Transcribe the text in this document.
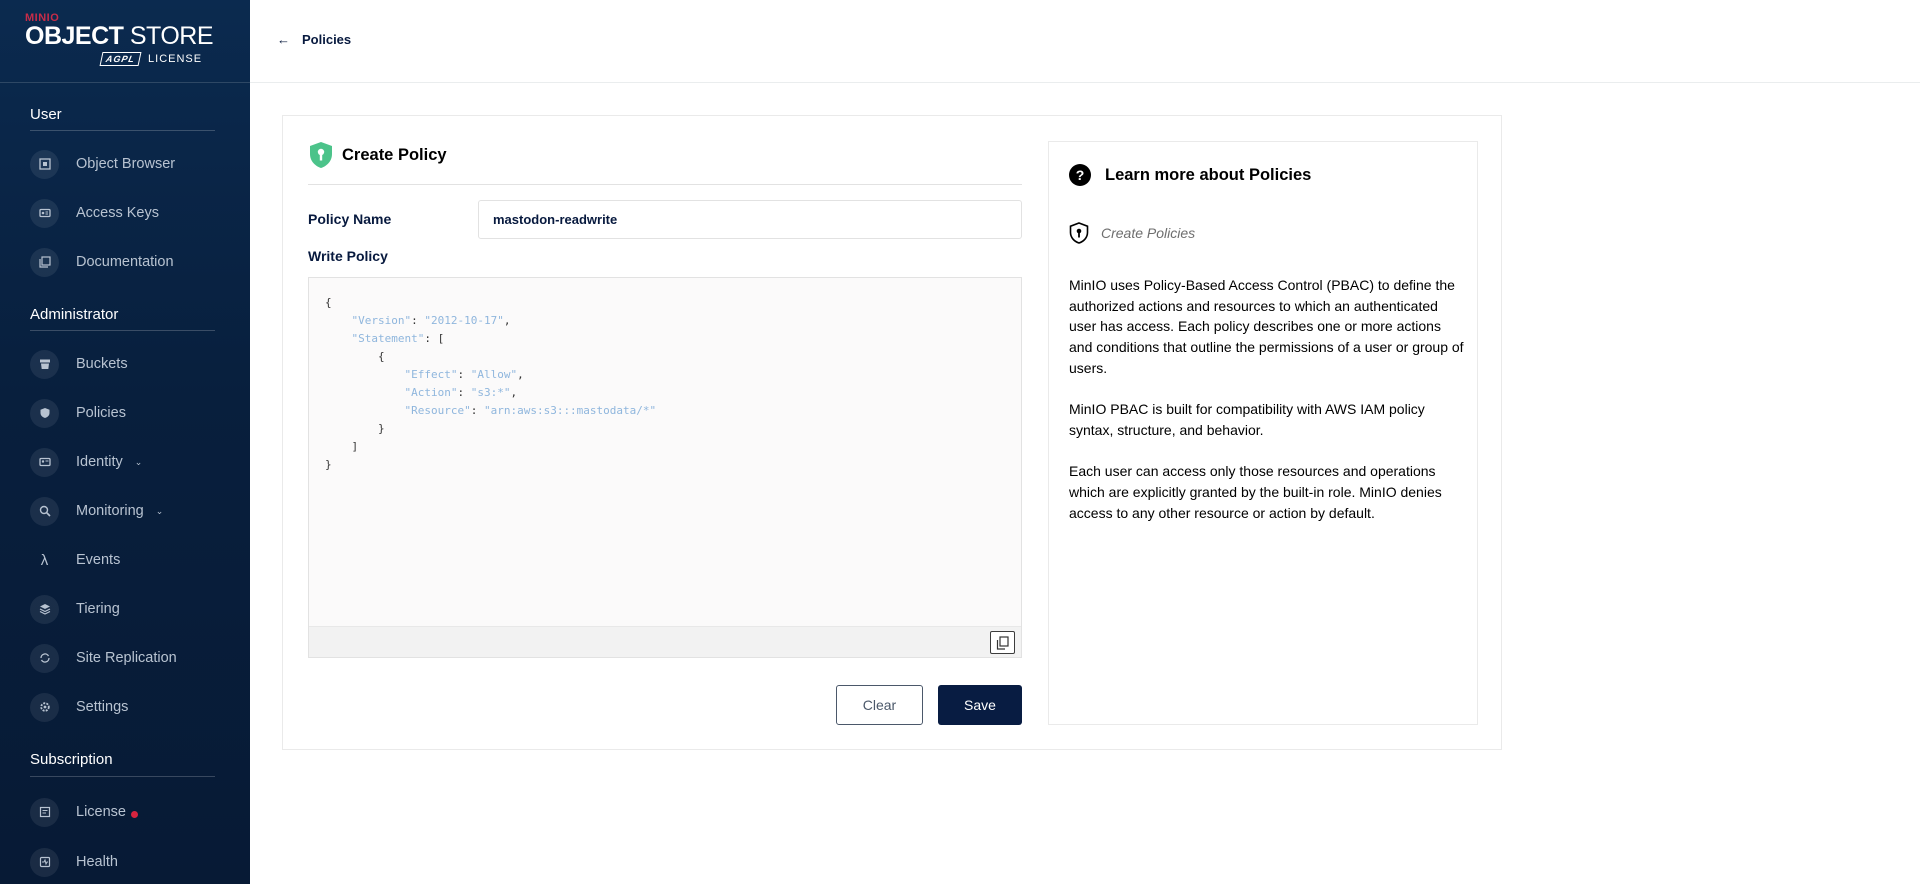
MINIO
OBJECT STORE
AGPL	LICENSE
User
Object Browser
Access Keys
Documentation
Administrator
Buckets
Policies
Identity ⌄
Monitoring ⌄
λ Events
Tiering
Site Replication
Settings
Subscription
License
Health
← Policies
Create Policy
Policy Name
mastodon-readwrite
Write Policy
{
"Version": "2012-10-17",
"Statement": [
{
"Effect": "Allow",
"Action": "s3:*",
"Resource": "arn:aws:s3:::mastodata/*"
}
]
}
Clear	Save
?	Learn more about Policies
Create Policies

MinIO uses Policy-Based Access Control (PBAC) to define the authorized actions and resources to which an authenticated user has access. Each policy describes one or more actions and conditions that outline the permissions of a user or group of users.

MinIO PBAC is built for compatibility with AWS IAM policy syntax, structure, and behavior.

Each user can access only those resources and operations which are explicitly granted by the built-in role. MinIO denies access to any other resource or action by default.
